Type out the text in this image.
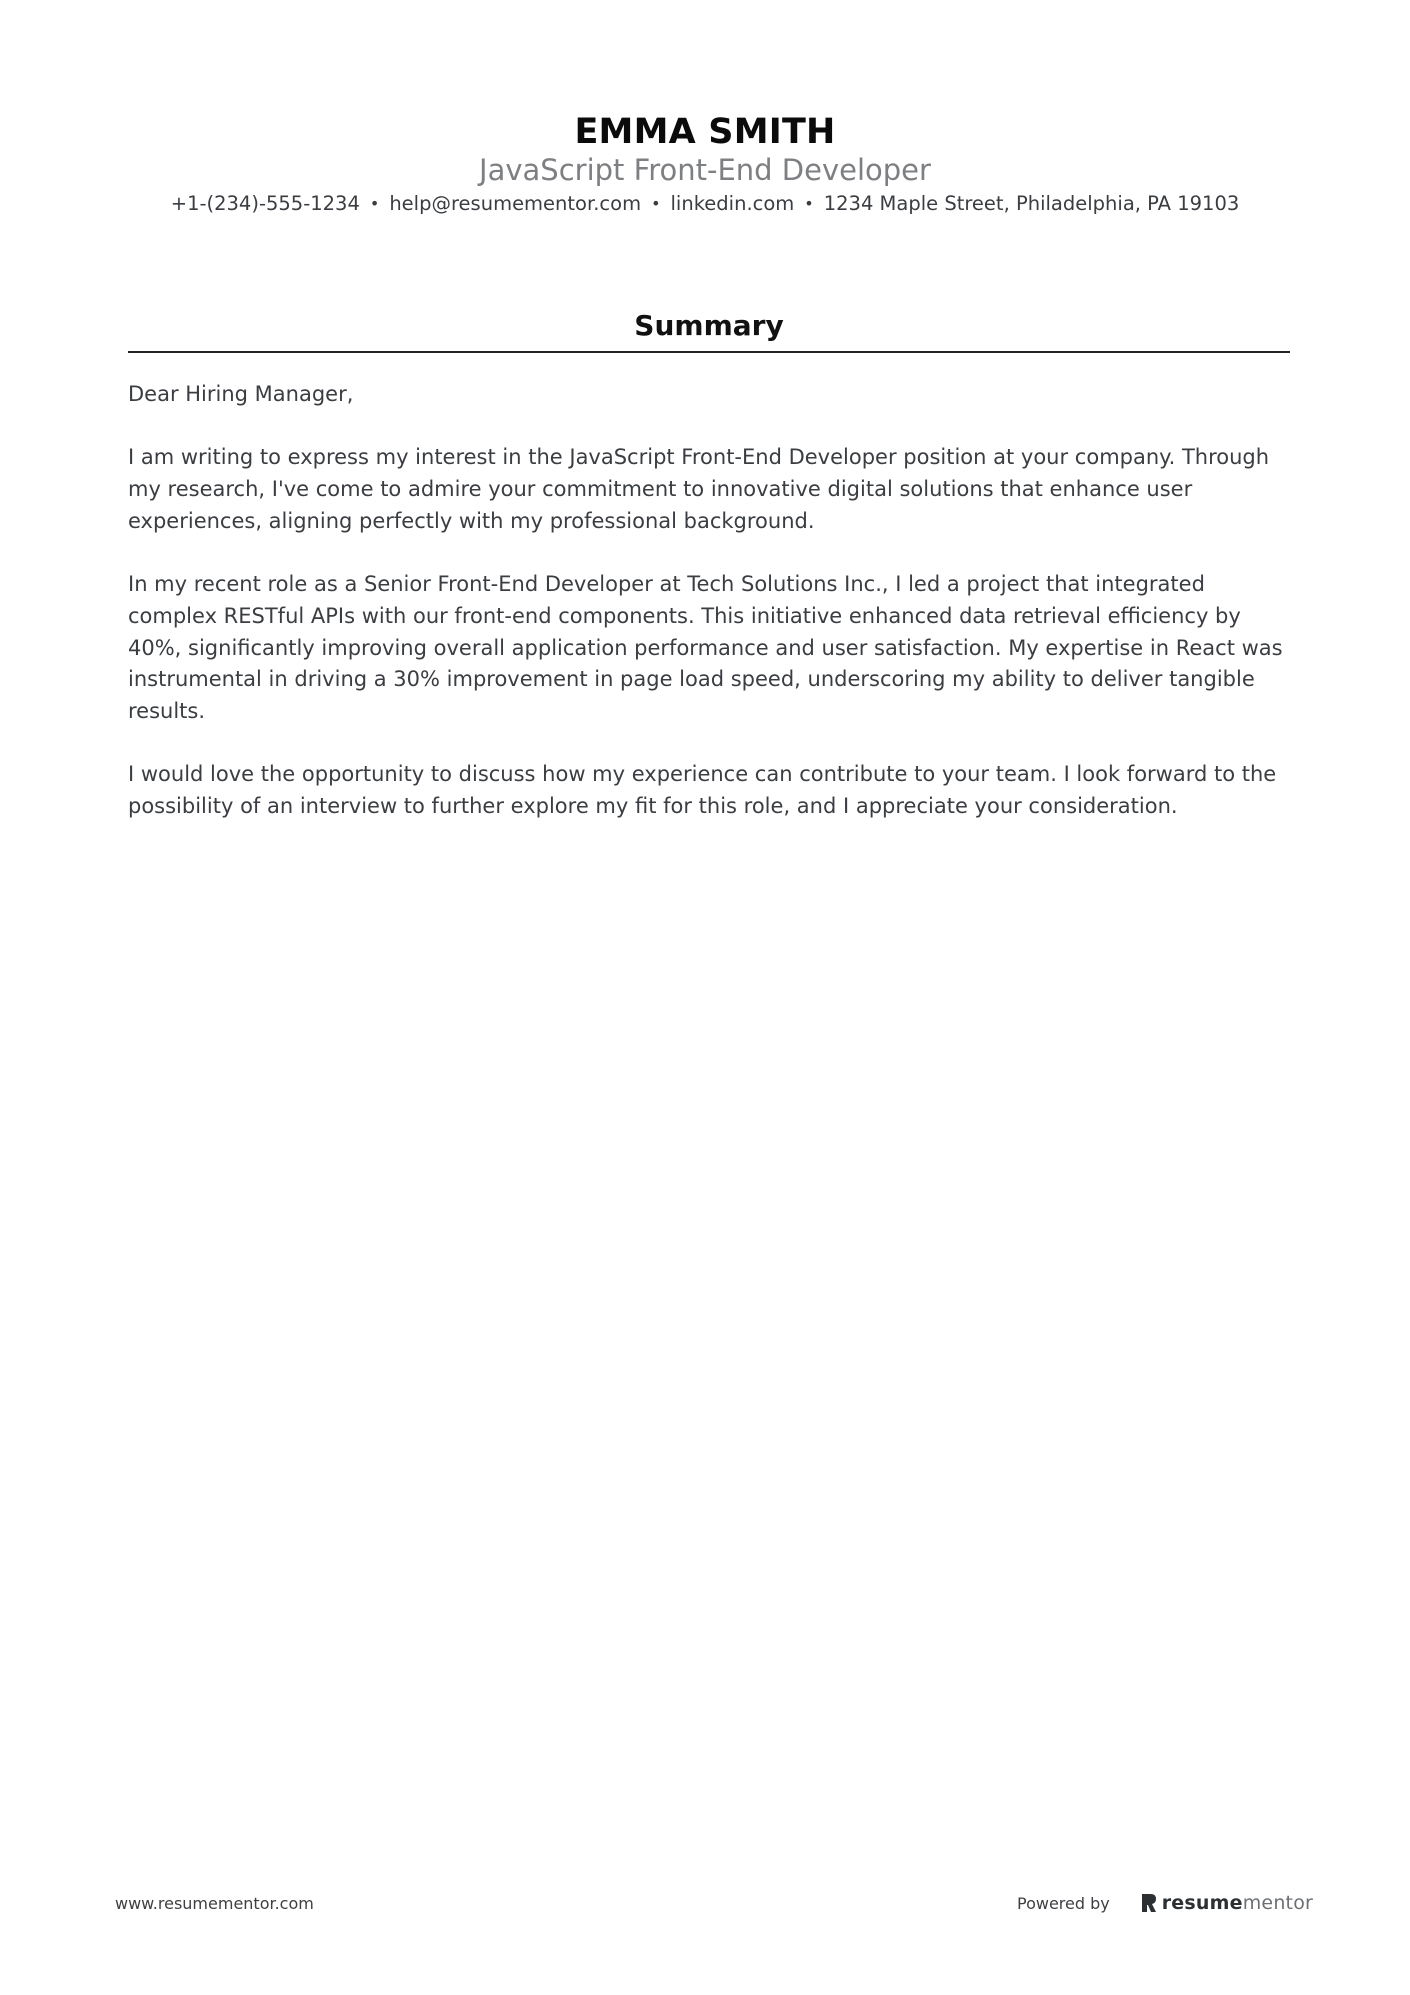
EMMA SMITH
JavaScript Front-End Developer
+1-(234)-555-1234 • help@resumementor.com • linkedin.com • 1234 Maple Street, Philadelphia, PA 19103
Summary

Dear Hiring Manager,

I am writing to express my interest in the JavaScript Front-End Developer position at your company. Through my research, I've come to admire your commitment to innovative digital solutions that enhance user experiences, aligning perfectly with my professional background.

In my recent role as a Senior Front-End Developer at Tech Solutions Inc., I led a project that integrated complex RESTful APIs with our front-end components. This initiative enhanced data retrieval efficiency by 40%, significantly improving overall application performance and user satisfaction. My expertise in React was instrumental in driving a 30% improvement in page load speed, underscoring my ability to deliver tangible results.

I would love the opportunity to discuss how my experience can contribute to your team. I look forward to the possibility of an interview to further explore my fit for this role, and I appreciate your consideration.

www.resumementor.com	Powered by	resumementor
